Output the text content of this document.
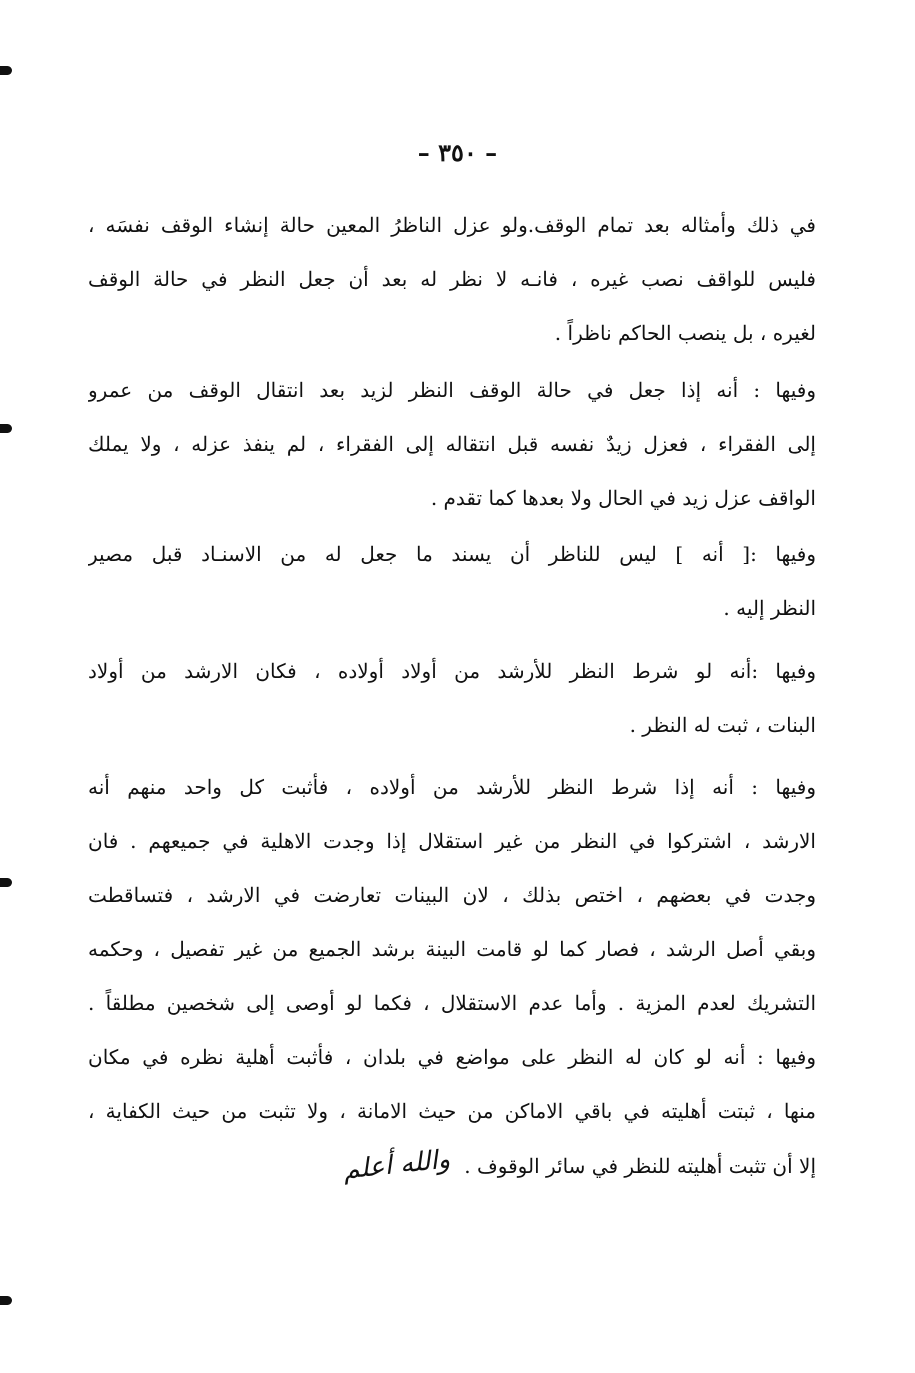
– ٣٥٠ –
في ذلك وأمثاله بعد تمام الوقف.ولو عزل الناظرُ المعين حالة إنشاء الوقف نفسَه ،
فليس للواقف نصب غيره ، فانـه لا نظر له بعد أن جعل النظر في حالة الوقف
لغيره ، بل ينصب الحاكم ناظراً .
وفيها : أنه إذا جعل في حالة الوقف النظر لزيد بعد انتقال الوقف من عمرو
إلى الفقراء ، فعزل زيدٌ نفسه قبل انتقاله إلى الفقراء ، لم ينفذ عزله ، ولا يملك
الواقف عزل زيد في الحال ولا بعدها كما تقدم .
وفيها :[ أنه ] ليس للناظر أن يسند ما جعل له من الاسنـاد قبل مصير
النظر إليه .
وفيها :أنه لو شرط النظر للأرشد من أولاد أولاده ، فكان الارشد من أولاد
البنات ، ثبت له النظر .
وفيها : أنه إذا شرط النظر للأرشد من أولاده ، فأثبت كل واحد منهم أنه
الارشد ، اشتركوا في النظر من غير استقلال إذا وجدت الاهلية في جميعهم . فان
وجدت في بعضهم ، اختص بذلك ، لان البينات تعارضت في الارشد ، فتساقطت
وبقي أصل الرشد ، فصار كما لو قامت البينة برشد الجميع من غير تفصيل ، وحكمه
التشريك لعدم المزية . وأما عدم الاستقلال ، فكما لو أوصى إلى شخصين مطلقاً .
وفيها : أنه لو كان له النظر على مواضع في بلدان ، فأثبت أهلية نظره في مكان
منها ، ثبتت أهليته في باقي الاماكن من حيث الامانة ، ولا تثبت من حيث الكفاية ،
إلا أن تثبت أهليته للنظر في سائر الوقوف .والله أعلم
